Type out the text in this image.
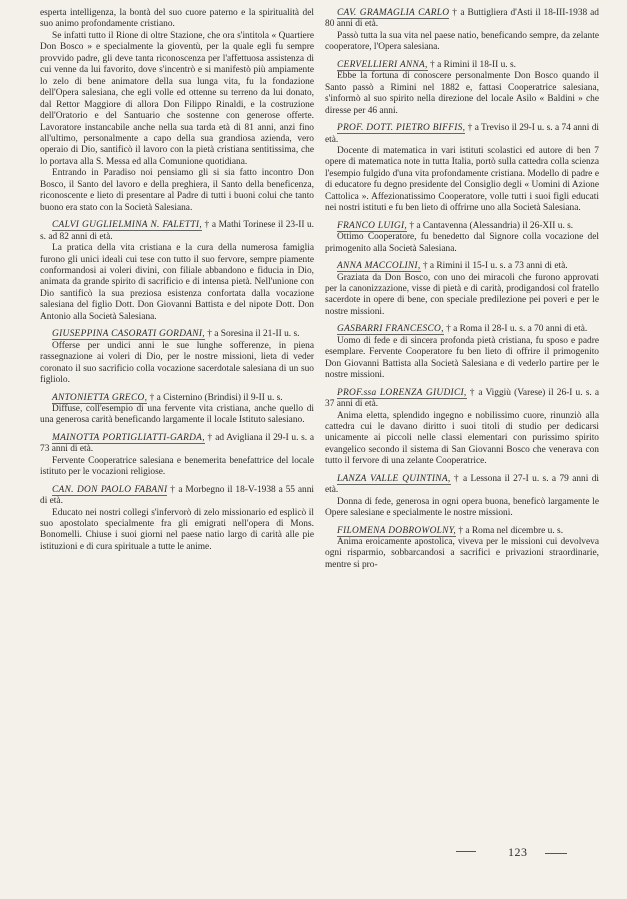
esperta intelligenza, la bontà del suo cuore paterno e la spiritualità del suo animo profondamente cristiano.

Se infatti tutto il Rione di oltre Stazione, che ora s'intitola « Quartiere Don Bosco » e specialmente la gioventù, per la quale egli fu sempre provvido padre, gli deve tanta riconoscenza per l'affettuosa assistenza di cui venne da lui favorito, dove s'incentrò e si manifestò più ampiamente lo zelo di bene animatore della sua lunga vita, fu la fondazione dell'Opera salesiana, che egli volle ed ottenne su terreno da lui donato, dal Rettor Maggiore di allora Don Filippo Rinaldi, e la costruzione dell'Oratorio e del Santuario che sostenne con generose offerte. Lavoratore instancabile anche nella sua tarda età di 81 anni, anzi fino all'ultimo, personalmente a capo della sua grandiosa azienda, vero operaio di Dio, santificò il lavoro con la pietà cristiana sentitissima, che lo portava alla S. Messa ed alla Comunione quotidiana.

Entrando in Paradiso noi pensiamo gli si sia fatto incontro Don Bosco, il Santo del lavoro e della preghiera, il Santo della beneficenza, riconoscente e lieto di presentare al Padre di tutti i buoni colui che tanto buono era stato con la Società Salesiana.

CALVI GUGLIELMINA N. FALETTI, † a Mathi Torinese il 23-II u. s. ad 82 anni di età.

La pratica della vita cristiana e la cura della numerosa famiglia furono gli unici ideali cui tese con tutto il suo fervore, sempre piamente conformandosi ai voleri divini, con filiale abbandono e fiducia in Dio, animata da grande spirito di sacrificio e di intensa pietà. Nell'unione con Dio santificò la sua preziosa esistenza confortata dalla vocazione salesiana del figlio Dott. Don Giovanni Battista e del nipote Dott. Don Antonio alla Società Salesiana.

GIUSEPPINA CASORATI GORDANI, † a Soresina il 21-II u. s.

Offerse per undici anni le sue lunghe sofferenze, in piena rassegnazione ai voleri di Dio, per le nostre missioni, lieta di veder coronato il suo sacrificio colla vocazione sacerdotale salesiana di un suo figliolo.

ANTONIETTA GRECO, † a Cisternino (Brindisi) il 9-II u. s.

Diffuse, coll'esempio di una fervente vita cristiana, anche quello di una generosa carità beneficando largamente il locale Istituto salesiano.

MAINOTTA PORTIGLIATTI-GARDA, † ad Avigliana il 29-I u. s. a 73 anni di età.

Fervente Cooperatrice salesiana e benemerita benefattrice del locale istituto per le vocazioni religiose.

CAN. DON PAOLO FABANI † a Morbegno il 18-V-1938 a 55 anni di età.

Educato nei nostri collegi s'infervorò di zelo missionario ed esplicò il suo apostolato specialmente fra gli emigrati nell'opera di Mons. Bonomelli. Chiuse i suoi giorni nel paese natio largo di carità alle pie istituzioni e di cura spirituale a tutte le anime.

CAV. GRAMAGLIA CARLO † a Buttigliera d'Asti il 18-III-1938 ad 80 anni di età.

Passò tutta la sua vita nel paese natio, beneficando sempre, da zelante cooperatore, l'Opera salesiana.

CERVELLIERI ANNA, † a Rimini il 18-II u. s.

Ebbe la fortuna di conoscere personalmente Don Bosco quando il Santo passò a Rimini nel 1882 e, fattasi Cooperatrice salesiana, s'informò al suo spirito nella direzione del locale Asilo « Baldini » che diresse per 46 anni.

PROF. DOTT. PIETRO BIFFIS, † a Treviso il 29-I u. s. a 74 anni di età.

Docente di matematica in vari istituti scolastici ed autore di ben 7 opere di matematica note in tutta Italia, portò sulla cattedra colla scienza l'esempio fulgido d'una vita profondamente cristiana. Modello di padre e di educatore fu degno presidente del Consiglio degli « Uomini di Azione Cattolica ». Affezionatissimo Cooperatore, volle tutti i suoi figli educati nei nostri istituti e fu ben lieto di offrirne uno alla Società Salesiana.

FRANCO LUIGI, † a Cantavenna (Alessandria) il 26-XII u. s.

Ottimo Cooperatore, fu benedetto dal Signore colla vocazione del primogenito alla Società Salesiana.

ANNA MACCOLINI, † a Rimini il 15-I u. s. a 73 anni di età.

Graziata da Don Bosco, con uno dei miracoli che furono approvati per la canonizzazione, visse di pietà e di carità, prodigandosi col fratello sacerdote in opere di bene, con speciale predilezione pei poveri e per le nostre missioni.

GASBARRI FRANCESCO, † a Roma il 28-I u. s. a 70 anni di età.

Uomo di fede e di sincera profonda pietà cristiana, fu sposo e padre esemplare. Fervente Cooperatore fu ben lieto di offrire il primogenito Don Giovanni Battista alla Società Salesiana e di vederlo partire per le nostre missioni.

PROF.ssa LORENZA GIUDICI, † a Viggiù (Varese) il 26-I u. s. a 37 anni di età.

Anima eletta, splendido ingegno e nobilissimo cuore, rinunziò alla cattedra cui le davano diritto i suoi titoli di studio per dedicarsi unicamente ai piccoli nelle classi elementari con purissimo spirito evangelico secondo il sistema di San Giovanni Bosco che venerava con tutto il fervore di una zelante Cooperatrice.

LANZA VALLE QUINTINA, † a Lessona il 27-I u. s. a 79 anni di età.

Donna di fede, generosa in ogni opera buona, beneficò largamente le Opere salesiane e specialmente le nostre missioni.

FILOMENA DOBROWOLNY, † a Roma nel dicembre u. s.

Anima eroicamente apostolica, viveva per le missioni cui devolveva ogni risparmio, sobbarcandosi a sacrifici e privazioni straordinarie, mentre si pro-

123
